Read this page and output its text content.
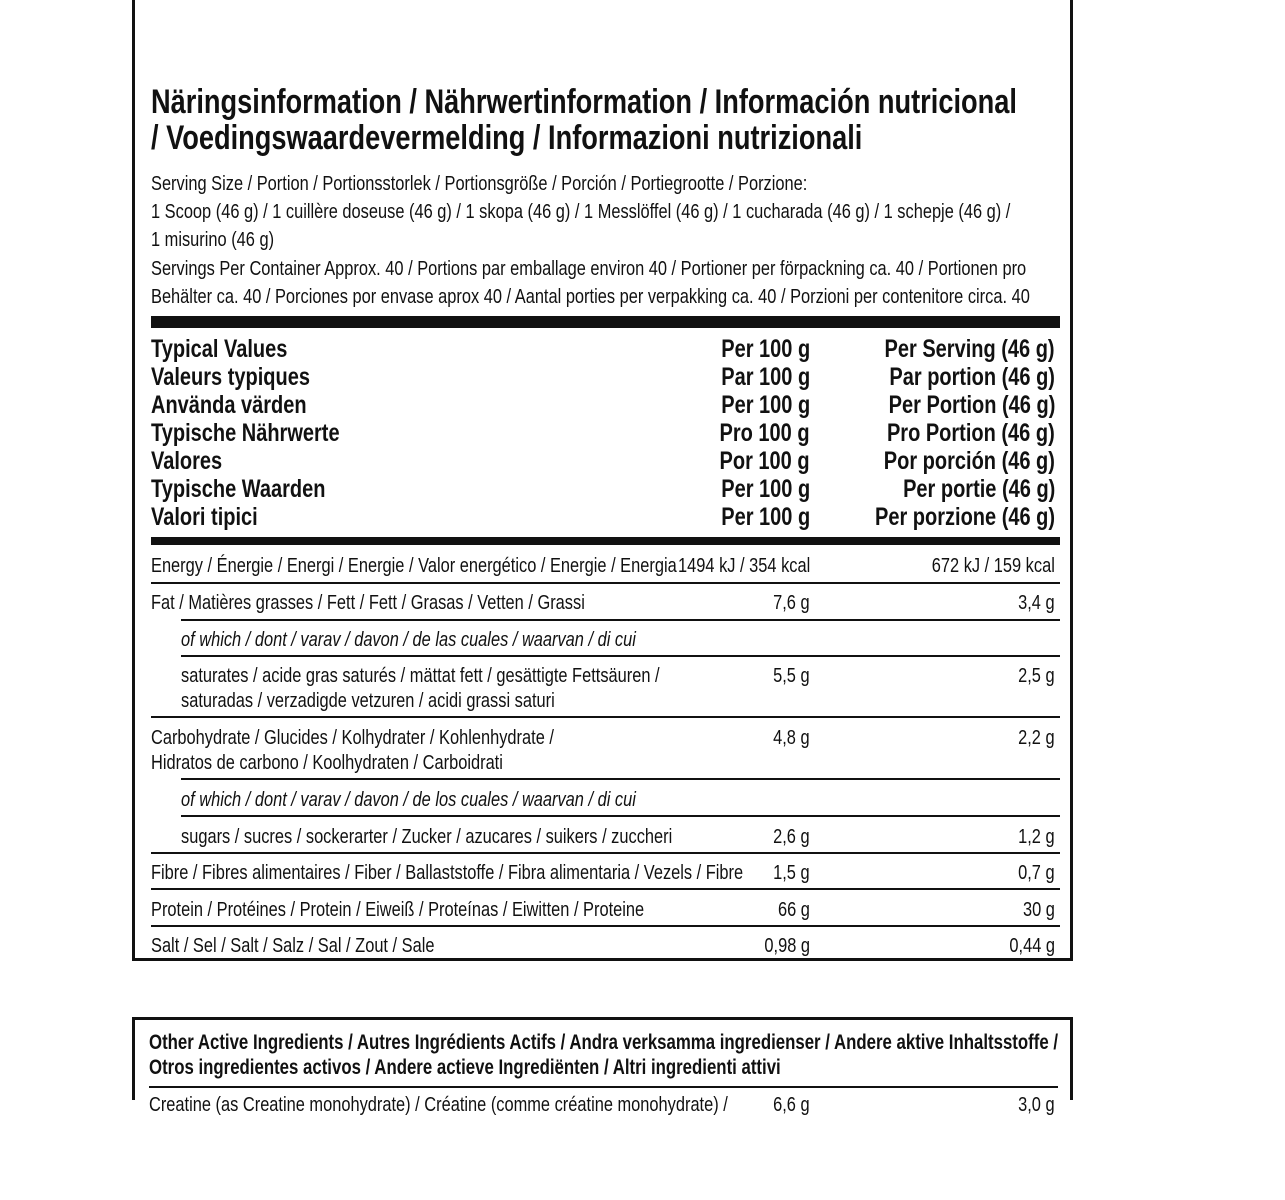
Näringsinformation / Nährwertinformation / Información nutricional
/ Voedingswaardevermelding / Informazioni nutrizionali
Serving Size / Portion / Portionsstorlek / Portionsgröße / Porción / Portiegrootte / Porzione:
1 Scoop (46 g) / 1 cuillère doseuse (46 g) / 1 skopa (46 g) / 1 Messlöffel (46 g) / 1 cucharada (46 g) / 1 schepje (46 g) /
1 misurino (46 g)
Servings Per Container Approx. 40 / Portions par emballage environ 40 / Portioner per förpackning ca. 40 / Portionen pro
Behälter ca. 40 / Porciones por envase aprox 40 / Aantal porties per verpakking ca. 40 / Porzioni per contenitore circa. 40
Typical Values	Per 100 g	Per Serving (46 g)
Valeurs typiques	Par 100 g	Par portion (46 g)
Använda värden	Per 100 g	Per Portion (46 g)
Typische Nährwerte	Pro 100 g	Pro Portion (46 g)
Valores	Por 100 g	Por porción (46 g)
Typische Waarden	Per 100 g	Per portie (46 g)
Valori tipici	Per 100 g	Per porzione (46 g)
Energy / Énergie / Energi / Energie / Valor energético / Energie / Energia 1494 kJ / 354 kcal	672 kJ / 159 kcal
Fat / Matières grasses / Fett / Fett / Grasas / Vetten / Grassi	7,6 g	3,4 g
of which / dont / varav / davon / de las cuales / waarvan / di cui
saturates / acide gras saturés / mättat fett / gesättigte Fettsäuren /
saturadas / verzadigde vetzuren / acidi grassi saturi
5,5 g	2,5 g
Carbohydrate / Glucides / Kolhydrater / Kohlenhydrate /
Hidratos de carbono / Koolhydraten / Carboidrati
4,8 g	2,2 g
of which / dont / varav / davon / de los cuales / waarvan / di cui
sugars / sucres / sockerarter / Zucker / azucares / suikers / zuccheri	2,6 g	1,2 g
Fibre / Fibres alimentaires / Fiber / Ballaststoffe / Fibra alimentaria / Vezels / Fibre	1,5 g	0,7 g
Protein / Protéines / Protein / Eiweiß / Proteínas / Eiwitten / Proteine	66 g	30 g
Salt / Sel / Salt / Salz / Sal / Zout / Sale	0,98 g	0,44 g
Other Active Ingredients / Autres Ingrédients Actifs / Andra verksamma ingredienser / Andere aktive Inhaltsstoffe /
Otros ingredientes activos / Andere actieve Ingrediënten / Altri ingredienti attivi
Creatine (as Creatine monohydrate) / Créatine (comme créatine monohydrate) /	6,6 g	3,0 g
